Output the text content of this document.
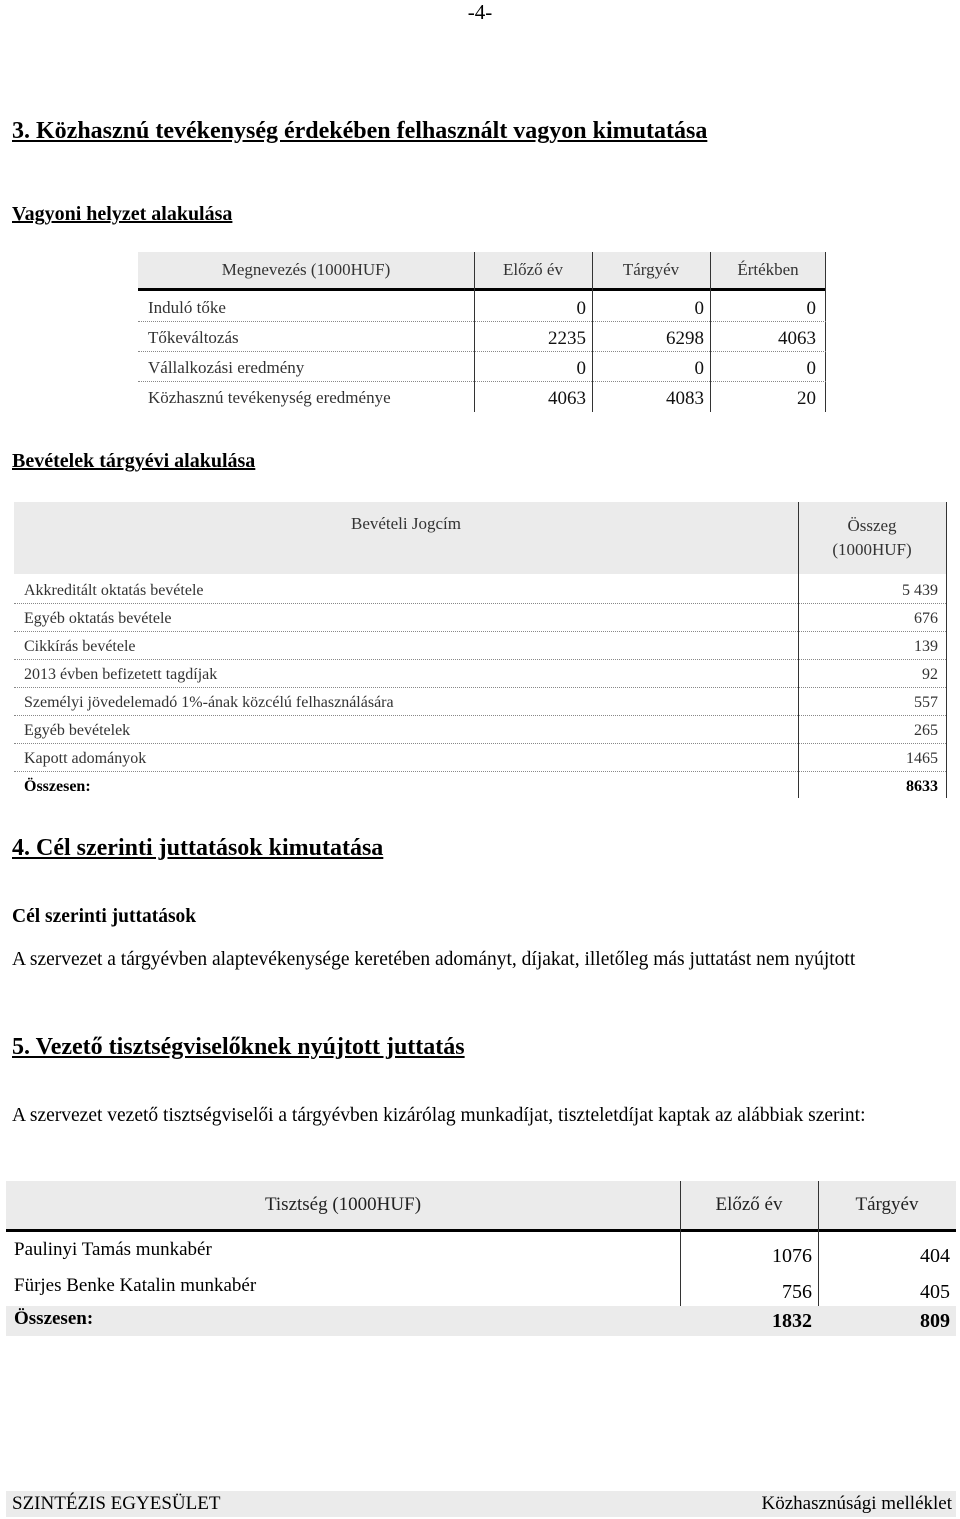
-4-
3. Közhasznú tevékenység érdekében felhasznált vagyon kimutatása
Vagyoni helyzet alakulása
Megnevezés (1000HUF)	Előző év	Tárgyév	Értékben
Induló tőke	0	0	0
Tőkeváltozás	2235	6298	4063
Vállalkozási eredmény	0	0	0
Közhasznú tevékenység eredménye	4063	4083	20
Bevételek tárgyévi alakulása
Bevételi Jogcím	Összeg
(1000HUF)
Akkreditált oktatás bevétele	5 439
Egyéb oktatás bevétele	676
Cikkírás bevétele	139
2013 évben befizetett tagdíjak	92
Személyi jövedelemadó 1%-ának közcélú felhasználására	557
Egyéb bevételek	265
Kapott adományok	1465
Összesen:	8633
4. Cél szerinti juttatások kimutatása
Cél szerinti juttatások
A szervezet a tárgyévben alaptevékenysége keretében adományt, díjakat, illetőleg más juttatást nem nyújtott
5. Vezető tisztségviselőknek nyújtott juttatás
A szervezet vezető tisztségviselői a tárgyévben kizárólag munkadíjat, tiszteletdíjat kaptak az alábbiak szerint:
Tisztség (1000HUF)	Előző év	Tárgyév
Paulinyi Tamás munkabér	1076	404
Fürjes Benke Katalin munkabér	756	405
Összesen:	1832	809
SZINTÉZIS EGYESÜLET	Közhasznúsági melléklet
